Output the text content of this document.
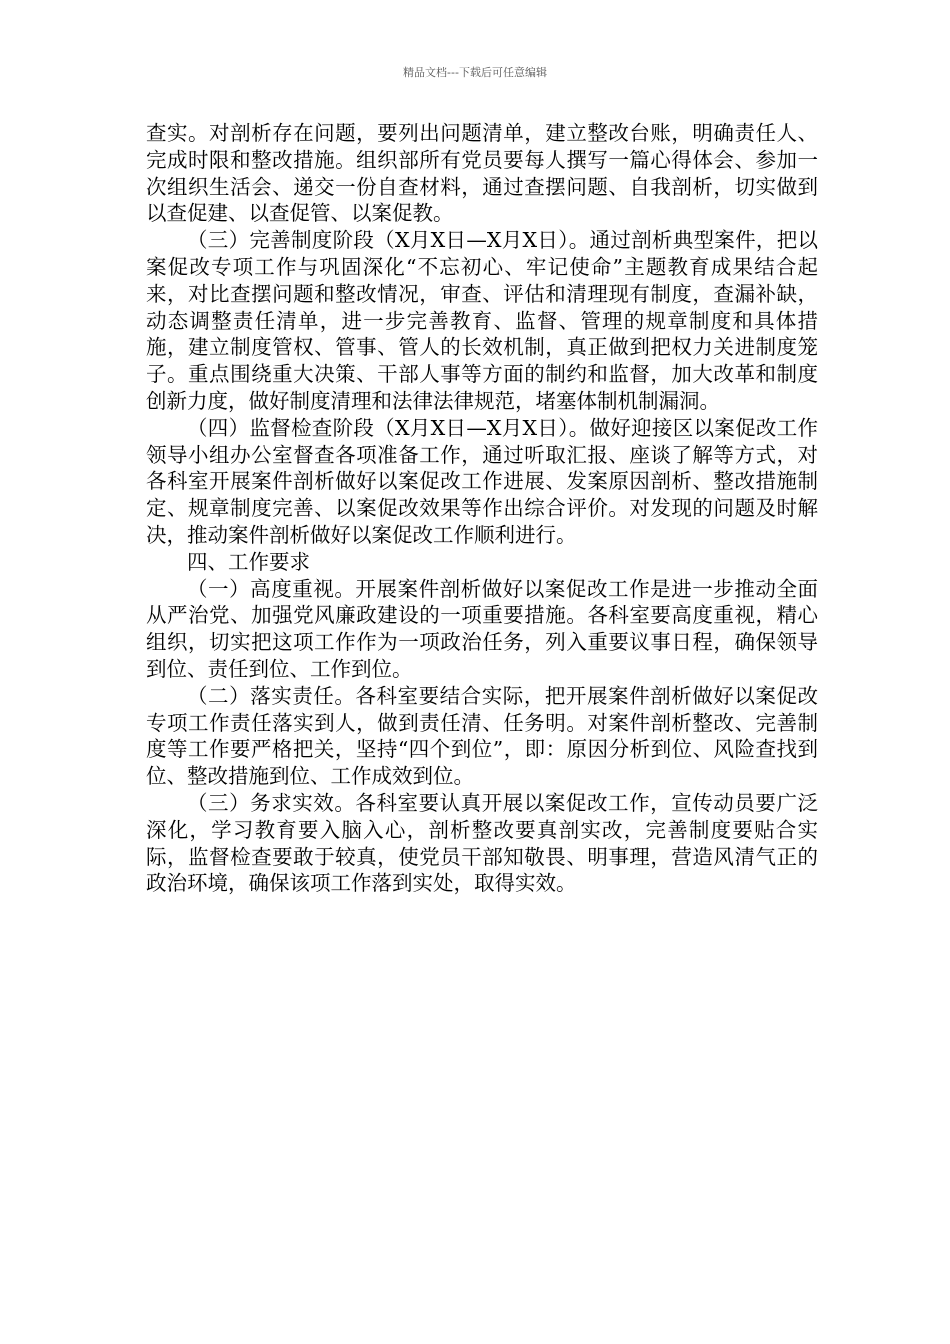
精品文档---下载后可任意编辑

查实。对剖析存在问题，要列出问题清单，建立整改台账，明确责任人、完成时限和整改措施。组织部所有党员要每人撰写一篇心得体会、参加一次组织生活会、递交一份自查材料，通过查摆问题、自我剖析，切实做到以查促建、以查促管、以案促教。

（三）完善制度阶段（X月X日—X月X日）。通过剖析典型案件，把以案促改专项工作与巩固深化“不忘初心、牢记使命”主题教育成果结合起来，对比查摆问题和整改情况，审查、评估和清理现有制度，查漏补缺，动态调整责任清单，进一步完善教育、监督、管理的规章制度和具体措施，建立制度管权、管事、管人的长效机制，真正做到把权力关进制度笼子。重点围绕重大决策、干部人事等方面的制约和监督，加大改革和制度创新力度，做好制度清理和法律法律规范，堵塞体制机制漏洞。

（四）监督检查阶段（X月X日—X月X日）。做好迎接区以案促改工作领导小组办公室督查各项准备工作，通过听取汇报、座谈了解等方式，对各科室开展案件剖析做好以案促改工作进展、发案原因剖析、整改措施制定、规章制度完善、以案促改效果等作出综合评价。对发现的问题及时解决，推动案件剖析做好以案促改工作顺利进行。

四、工作要求

（一）高度重视。开展案件剖析做好以案促改工作是进一步推动全面从严治党、加强党风廉政建设的一项重要措施。各科室要高度重视，精心组织，切实把这项工作作为一项政治任务，列入重要议事日程，确保领导到位、责任到位、工作到位。

（二）落实责任。各科室要结合实际，把开展案件剖析做好以案促改专项工作责任落实到人，做到责任清、任务明。对案件剖析整改、完善制度等工作要严格把关，坚持“四个到位”，即：原因分析到位、风险查找到位、整改措施到位、工作成效到位。

（三）务求实效。各科室要认真开展以案促改工作，宣传动员要广泛深化，学习教育要入脑入心，剖析整改要真剖实改，完善制度要贴合实际，监督检查要敢于较真，使党员干部知敬畏、明事理，营造风清气正的政治环境，确保该项工作落到实处，取得实效。
